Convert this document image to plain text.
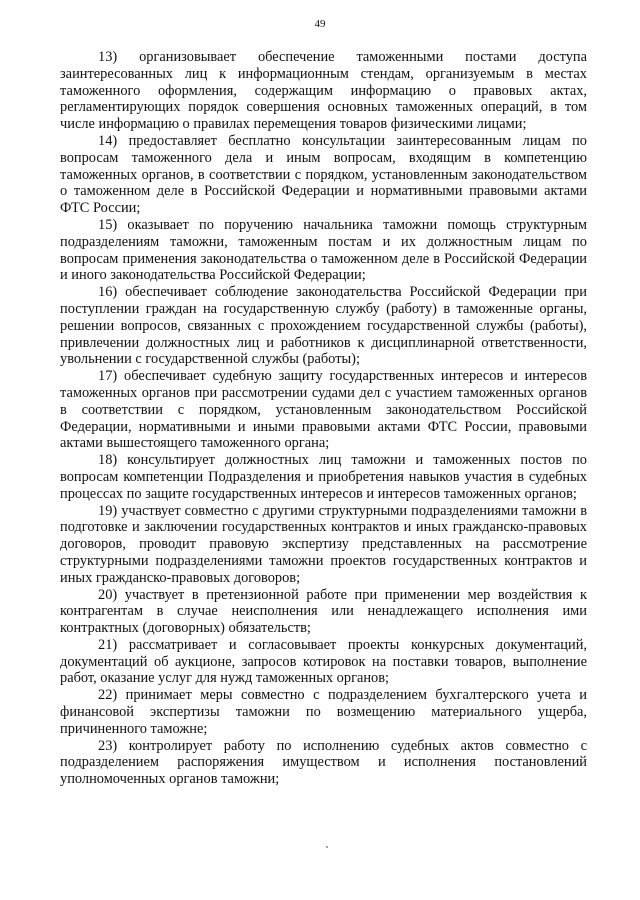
49

13) организовывает обеспечение таможенными постами доступа заинтересованных лиц к информационным стендам, организуемым в местах таможенного оформления, содержащим информацию о правовых актах, регламентирующих порядок совершения основных таможенных операций, в том числе информацию о правилах перемещения товаров физическими лицами;

14) предоставляет бесплатно консультации заинтересованным лицам по вопросам таможенного дела и иным вопросам, входящим в компетенцию таможенных органов, в соответствии с порядком, установленным законодательством о таможенном деле в Российской Федерации и нормативными правовыми актами ФТС России;

15) оказывает по поручению начальника таможни помощь структурным подразделениям таможни, таможенным постам и их должностным лицам по вопросам применения законодательства о таможенном деле в Российской Федерации и иного законодательства Российской Федерации;

16) обеспечивает соблюдение законодательства Российской Федерации при поступлении граждан на государственную службу (работу) в таможенные органы, решении вопросов, связанных с прохождением государственной службы (работы), привлечении должностных лиц и работников к дисциплинарной ответственности, увольнении с государственной службы (работы);

17) обеспечивает судебную защиту государственных интересов и интересов таможенных органов при рассмотрении судами дел с участием таможенных органов в соответствии с порядком, установленным законодательством Российской Федерации, нормативными и иными правовыми актами ФТС России, правовыми актами вышестоящего таможенного органа;

18) консультирует должностных лиц таможни и таможенных постов по вопросам компетенции Подразделения и приобретения навыков участия в судебных процессах по защите государственных интересов и интересов таможенных органов;

19) участвует совместно с другими структурными подразделениями таможни в подготовке и заключении государственных контрактов и иных гражданско-правовых договоров, проводит правовую экспертизу представленных на рассмотрение структурными подразделениями таможни проектов государственных контрактов и иных гражданско-правовых договоров;

20) участвует в претензионной работе при применении мер воздействия к контрагентам в случае неисполнения или ненадлежащего исполнения ими контрактных (договорных) обязательств;

21) рассматривает и согласовывает проекты конкурсных документаций, документаций об аукционе, запросов котировок на поставки товаров, выполнение работ, оказание услуг для нужд таможенных органов;

22) принимает меры совместно с подразделением бухгалтерского учета и финансовой экспертизы таможни по возмещению материального ущерба, причиненного таможне;

23) контролирует работу по исполнению судебных актов совместно с подразделением распоряжения имуществом и исполнения постановлений уполномоченных органов таможни;
